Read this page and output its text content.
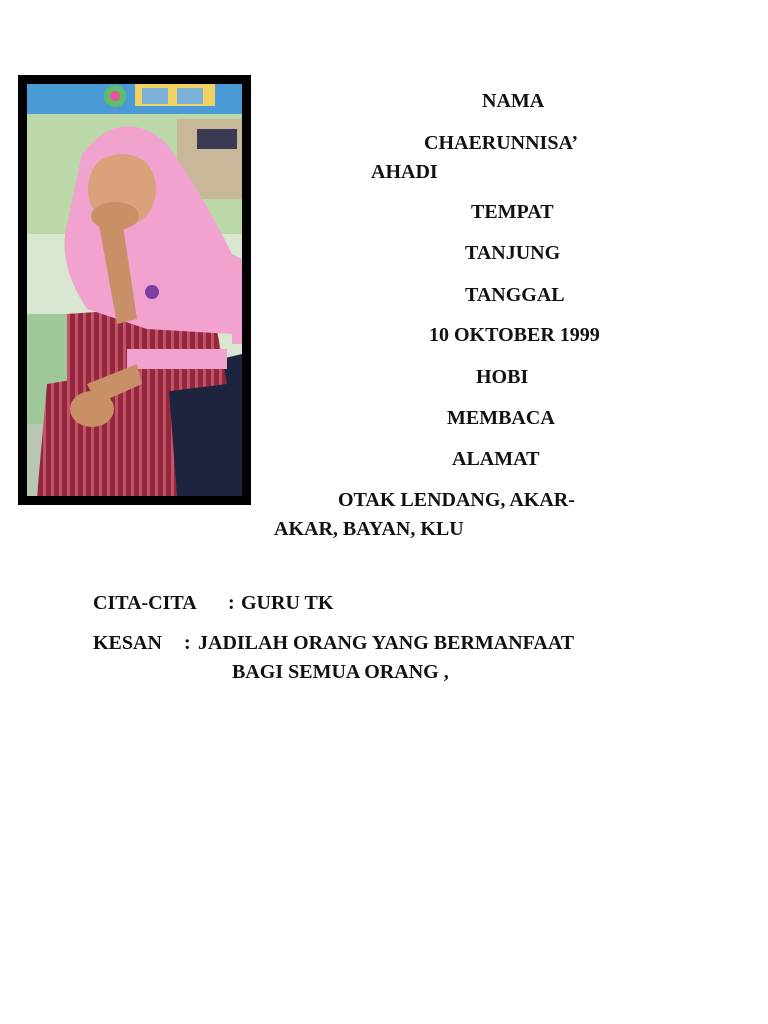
NAMA

CHAERUNNISA’

AHADI

TEMPAT

TANJUNG

TANGGAL

10 OKTOBER 1999

HOBI

MEMBACA

ALAMAT

OTAK LENDANG, AKAR-

AKAR, BAYAN, KLU

CITA-CITA : GURU TK

KESAN : JADILAH ORANG YANG BERMANFAAT

BAGI SEMUA ORANG ,
